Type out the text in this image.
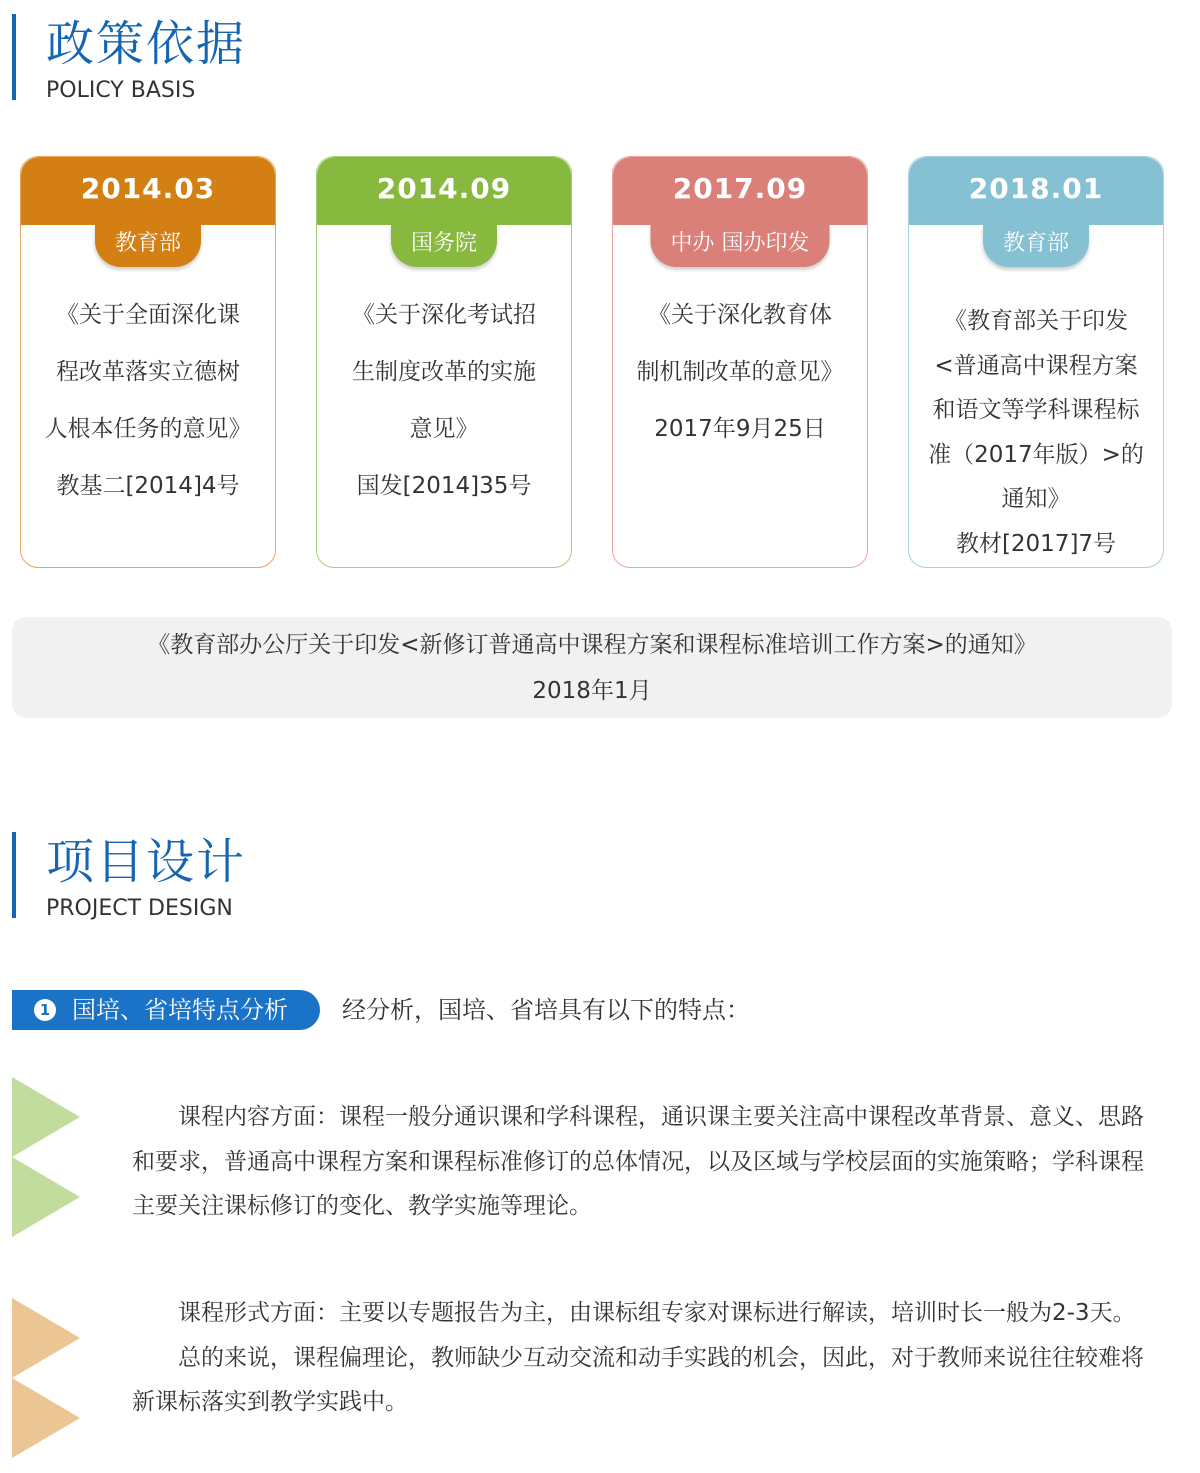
政策依据
POLICY BASIS
2014.03
教育部
《关于全面深化课
程改革落实立德树
人根本任务的意见》
教基二[2014]4号
2014.09
国务院
《关于深化考试招
生制度改革的实施
意见》
国发[2014]35号
2017.09
中办 国办印发
《关于深化教育体
制机制改革的意见》
2017年9月25日
2018.01
教育部
《教育部关于印发
<普通高中课程方案
和语文等学科课程标
准（2017年版）>的
通知》
教材[2017]7号
《教育部办公厅关于印发<新修订普通高中课程方案和课程标准培训工作方案>的通知》
2018年1月
项目设计
PROJECT DESIGN
1 国培、省培特点分析 经分析，国培、省培具有以下的特点：

课程内容方面：课程一般分通识课和学科课程，通识课主要关注高中课程改革背景、意义、思路和要求，普通高中课程方案和课程标准修订的总体情况，以及区域与学校层面的实施策略；学科课程主要关注课标修订的变化、教学实施等理论。

课程形式方面：主要以专题报告为主，由课标组专家对课标进行解读，培训时长一般为2-3天。

总的来说，课程偏理论，教师缺少互动交流和动手实践的机会，因此，对于教师来说往往较难将新课标落实到教学实践中。
